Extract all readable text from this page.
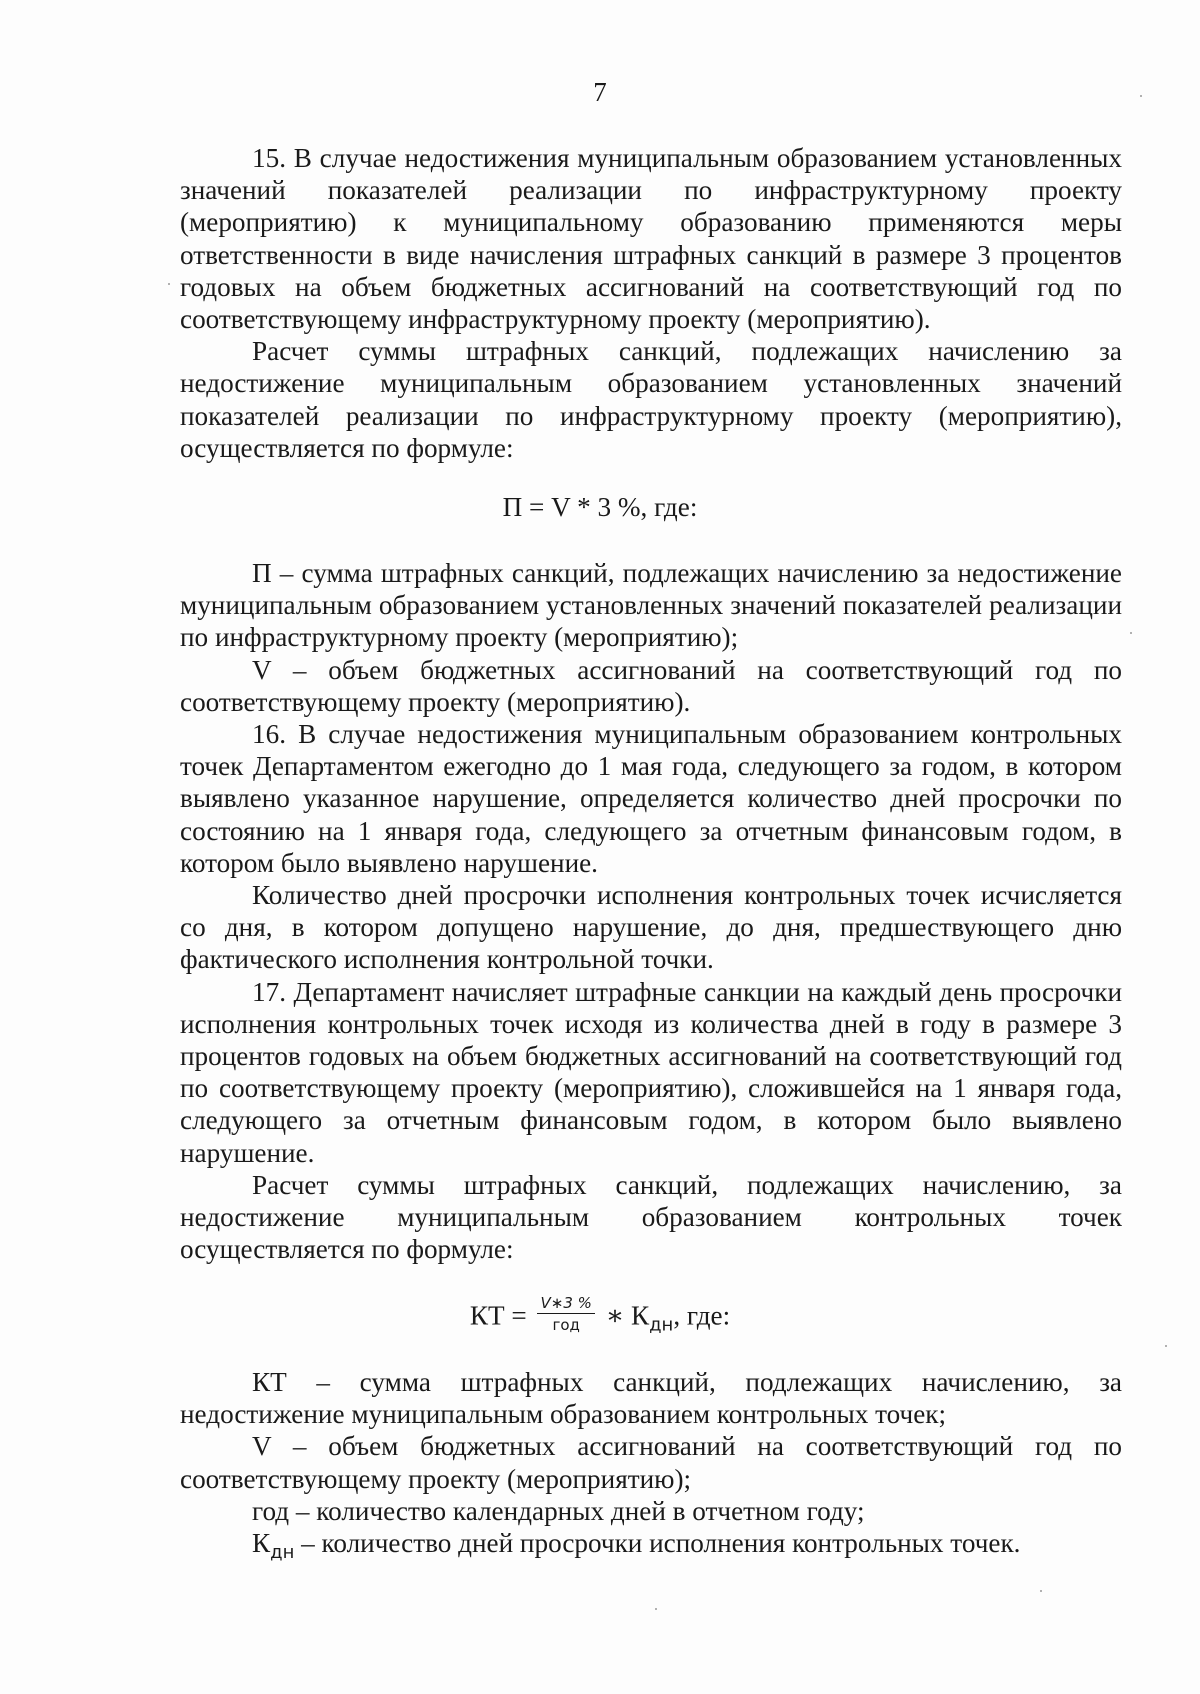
7

15. В случае недостижения муниципальным образованием установленных значений показателей реализации по инфраструктурному проекту (мероприятию) к муниципальному образованию применяются меры ответственности в виде начисления штрафных санкций в размере 3 процентов годовых на объем бюджетных ассигнований на соответствующий год по соответствующему инфраструктурному проекту (мероприятию).

Расчет суммы штрафных санкций, подлежащих начислению за недостижение муниципальным образованием установленных значений показателей реализации по инфраструктурному проекту (мероприятию), осуществляется по формуле:

П = V * 3 %, где:

П – сумма штрафных санкций, подлежащих начислению за недостижение муниципальным образованием установленных значений показателей реализации по инфраструктурному проекту (мероприятию);

V – объем бюджетных ассигнований на соответствующий год по соответствующему проекту (мероприятию).

16. В случае недостижения муниципальным образованием контрольных точек Департаментом ежегодно до 1 мая года, следующего за годом, в котором выявлено указанное нарушение, определяется количество дней просрочки по состоянию на 1 января года, следующего за отчетным финансовым годом, в котором было выявлено нарушение.

Количество дней просрочки исполнения контрольных точек исчисляется со дня, в котором допущено нарушение, до дня, предшествующего дню фактического исполнения контрольной точки.

17. Департамент начисляет штрафные санкции на каждый день просрочки исполнения контрольных точек исходя из количества дней в году в размере 3 процентов годовых на объем бюджетных ассигнований на соответствующий год по соответствующему проекту (мероприятию), сложившейся на 1 января года, следующего за отчетным финансовым годом, в котором было выявлено нарушение.

Расчет суммы штрафных санкций, подлежащих начислению, за недостижение муниципальным образованием контрольных точек осуществляется по формуле:

КТ = $\frac{V∗3 \%}{\text{год}}$ ∗ $К_{дн}$, где:

КТ – сумма штрафных санкций, подлежащих начислению, за недостижение муниципальным образованием контрольных точек;

V – объем бюджетных ассигнований на соответствующий год по соответствующему проекту (мероприятию);

год – количество календарных дней в отчетном году;

$К_{дн}$ – количество дней просрочки исполнения контрольных точек.
